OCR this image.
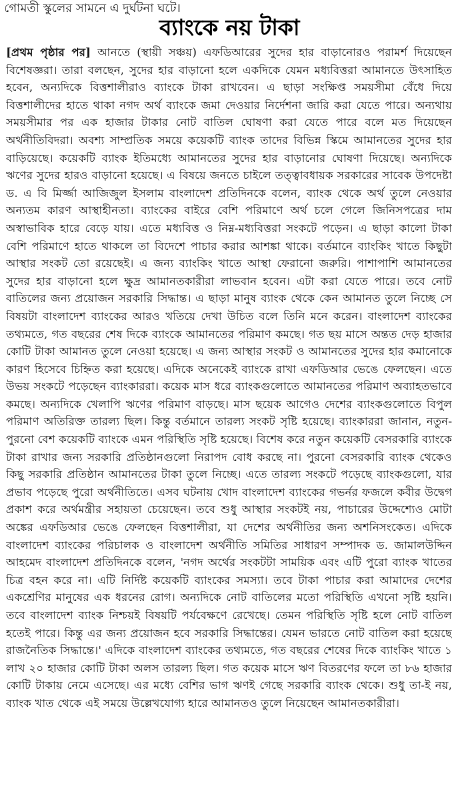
গোমতী স্কুলের সামনে এ দুর্ঘটনা ঘটে।
ব্যাংকে নয় টাকা

[প্রথম পৃষ্ঠার পর] আনতে (স্থায়ী সঞ্চয়) এফডিআরের সুদের হার বাড়ানোরও পরামর্শ দিয়েছেন বিশেষজ্ঞরা। তারা বলছেন, সুদের হার বাড়ানো হলে একদিকে যেমন মধ্যবিত্তরা আমানতে উৎসাহিত হবেন, অন্যদিকে বিত্তশালীরাও ব্যাংকে টাকা রাখবেন। এ ছাড়া সংক্ষিপ্ত সময়সীমা বেঁধে দিয়ে বিত্তশালীদের হাতে থাকা নগদ অর্থ ব্যাংকে জমা দেওয়ার নির্দেশনা জারি করা যেতে পারে। অন্যথায় সময়সীমার পর এক হাজার টাকার নোট বাতিল ঘোষণা করা যেতে পারে বলে মত দিয়েছেন অর্থনীতিবিদরা। অবশ্য সাম্প্রতিক সময়ে কয়েকটি ব্যাংক তাদের বিভিন্ন স্কিমে আমানতের সুদের হার বাড়িয়েছে। কয়েকটি ব্যাংক ইতিমধ্যে আমানতের সুদের হার বাড়ানোর ঘোষণা দিয়েছে। অন্যদিকে ঋণের সুদের হারও বাড়ানো হয়েছে। এ বিষয়ে জনতে চাইলে তত্ত্বাবধায়ক সরকারের সাবেক উপদেষ্টা ড. এ বি মির্জ্জা আজিজুল ইসলাম বাংলাদেশ প্রতিদিনকে বলেন, ব্যাংক থেকে অর্থ তুলে নেওয়ার অন্যতম কারণ আস্থাহীনতা। ব্যাংকের বাইরে বেশি পরিমাণে অর্থ চলে গেলে জিনিসপত্রের দাম অস্বাভাবিক হারে বেড়ে যায়। এতে মধ্যবিত্ত ও নিম্ন-মধ্যবিত্তরা সংকটে পড়েন। এ ছাড়া কালো টাকা বেশি পরিমাণে হাতে থাকলে তা বিদেশে পাচার করার আশঙ্কা থাকে। বর্তমানে ব্যাংকিং খাতে কিছুটা আস্থার সংকট তো রয়েছেই। এ জন্য ব্যাংকিং খাতে আস্থা ফেরানো জরুরি। পাশাপাশি আমানতের সুদের হার বাড়ানো হলে ক্ষুদ্র আমানতকারীরা লাভবান হবেন। এটা করা যেতে পারে। তবে নোট বাতিলের জন্য প্রয়োজন সরকারি সিদ্ধান্ত। এ ছাড়া মানুষ ব্যাংক থেকে কেন আমানত তুলে নিচ্ছে সে বিষয়টা বাংলাদেশ ব্যাংকের আরও খতিয়ে দেখা উচিত বলে তিনি মনে করেন। বাংলাদেশ ব্যাংকের তথ্যমতে, গত বছরের শেষ দিকে ব্যাংকে আমানতের পরিমাণ কমছে। গত ছয় মাসে অন্তত দেড় হাজার কোটি টাকা আমানত তুলে নেওয়া হয়েছে। এ জন্য আস্থার সংকট ও আমানতের সুদের হার কমানোকে কারণ হিসেবে চিহ্নিত করা হয়েছে। এদিকে অনেকেই ব্যাংকে রাখা এফডিআর ভেঙে ফেলছেন। এতে উভয় সংকটে পড়েছেন ব্যাংকাররা। কয়েক মাস ধরে ব্যাংকগুলোতে আমানতের পরিমাণ অব্যাহতভাবে কমছে। অন্যদিকে খেলাপি ঋণের পরিমাণ বাড়ছে। মাস ছয়েক আগেও দেশের ব্যাংকগুলোতে বিপুল পরিমাণ অতিরিক্ত তারল্য ছিল। কিন্তু বর্তমানে তারল্য সংকট সৃষ্টি হয়েছে। ব্যাংকাররা জানান, নতুন-পুরনো বেশ কয়েকটি ব্যাংকে এমন পরিস্থিতি সৃষ্টি হয়েছে। বিশেষ করে নতুন কয়েকটি বেসরকারি ব্যাংকে টাকা রাখার জন্য সরকারি প্রতিষ্ঠানগুলো নিরাপদ বোধ করছে না। পুরনো বেসরকারি ব্যাংক থেকেও কিছু সরকারি প্রতিষ্ঠান আমানতের টাকা তুলে নিচ্ছে। এতে তারল্য সংকটে পড়েছে ব্যাংকগুলো, যার প্রভাব পড়েছে পুরো অর্থনীতিতে। এসব ঘটনায় খোদ বাংলাদেশ ব্যাংকের গভর্নর ফজলে কবীর উদ্বেগ প্রকাশ করে অর্থমন্ত্রীর সহায়তা চেয়েছেন। তবে শুধু আস্থার সংকটই নয়, পাচারের উদ্দেশ্যেও মোটা অঙ্কের এফডিআর ভেঙে ফেলছেন বিত্তশালীরা, যা দেশের অর্থনীতির জন্য অশনিসংকেত। এদিকে বাংলাদেশ ব্যাংকের পরিচালক ও বাংলাদেশ অর্থনীতি সমিতির সাধারণ সম্পাদক ড. জামালউদ্দিন আহমেদ বাংলাদেশ প্রতিদিনকে বলেন, 'নগদ অর্থের সংকটটা সাময়িক এবং এটি পুরো ব্যাংক খাতের চিত্র বহন করে না। এটি নির্দিষ্ট কয়েকটি ব্যাংকের সমস্যা। তবে টাকা পাচার করা আমাদের দেশের একশ্রেণির মানুষের এক ধরনের রোগ। অন্যদিকে নোট বাতিলের মতো পরিস্থিতি এখনো সৃষ্টি হয়নি। তবে বাংলাদেশ ব্যাংক নিশ্চয়ই বিষয়টি পর্যবেক্ষণে রেখেছে। তেমন পরিস্থিতি সৃষ্টি হলে নোট বাতিল হতেই পারে। কিন্তু এর জন্য প্রয়োজন হবে সরকারি সিদ্ধান্তের। যেমন ভারতে নোট বাতিল করা হয়েছে রাজনৈতিক সিদ্ধান্তে।' এদিকে বাংলাদেশ ব্যাংকের তথ্যমতে, গত বছরের শেষের দিকে ব্যাংকিং খাতে ১ লাখ ২০ হাজার কোটি টাকা অলস তারল্য ছিল। গত কয়েক মাসে ঋণ বিতরণের ফলে তা ৮৬ হাজার কোটি টাকায় নেমে এসেছে। এর মধ্যে বেশির ভাগ ঋণই গেছে সরকারি ব্যাংক থেকে। শুধু তা-ই নয়, ব্যাংক খাত থেকে এই সময়ে উল্লেখযোগ্য হারে আমানতও তুলে নিয়েছেন আমানতকারীরা।
